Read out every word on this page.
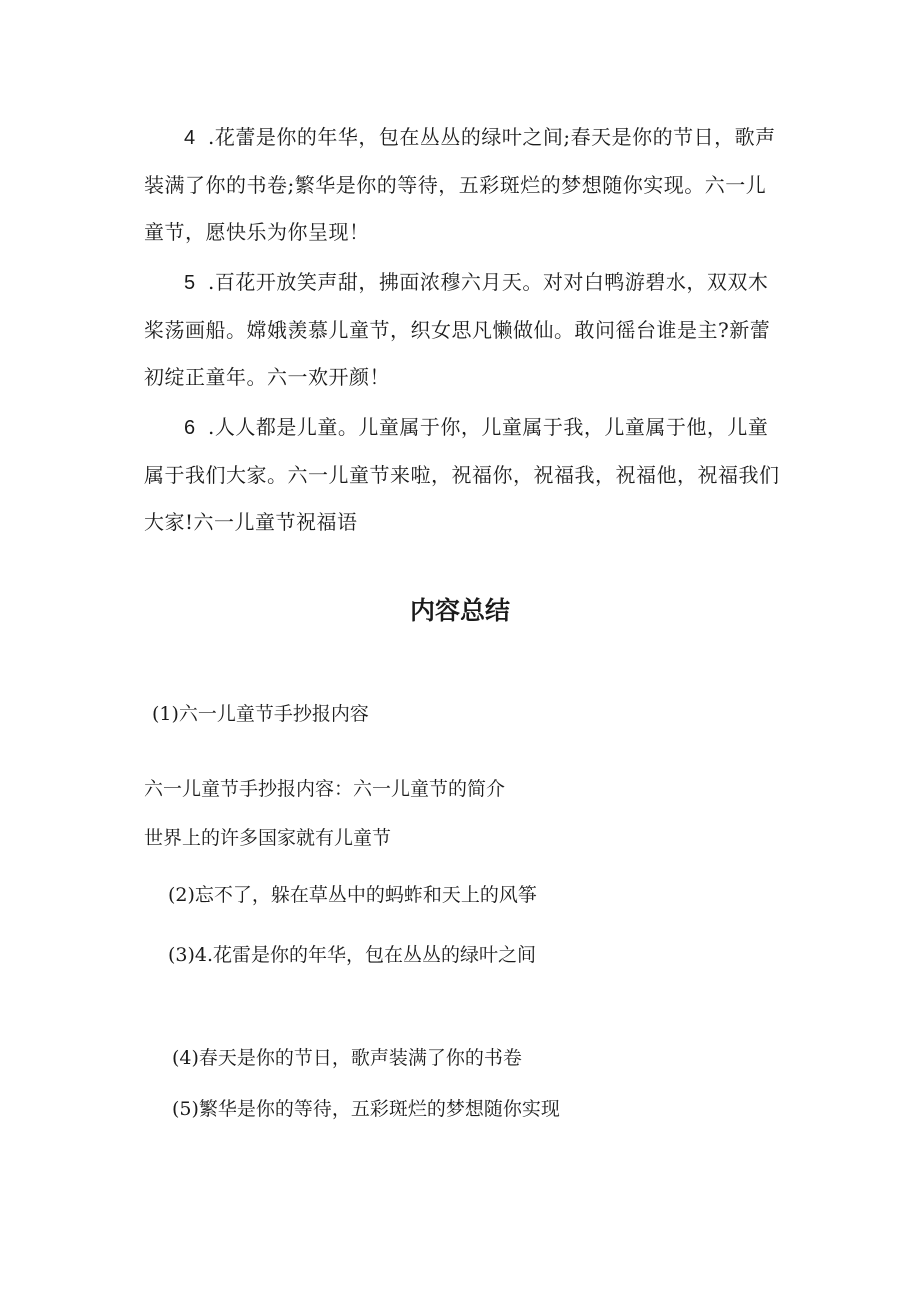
4 .花蕾是你的年华，包在丛丛的绿叶之间;春天是你的节日，歌声装满了你的书卷;繁华是你的等待，五彩斑烂的梦想随你实现。六一儿童节，愿快乐为你呈现！

5 .百花开放笑声甜，拂面浓穆六月天。对对白鸭游碧水，双双木桨荡画船。嫦娥羡慕儿童节，织女思凡懒做仙。敢问徭台谁是主?新蕾初绽正童年。六一欢开颜！

6 .人人都是儿童。儿童属于你，儿童属于我，儿童属于他，儿童属于我们大家。六一儿童节来啦，祝福你，祝福我，祝福他，祝福我们大家!六一儿童节祝福语

内容总结

(1)六一儿童节手抄报内容

六一儿童节手抄报内容：六一儿童节的简介

世界上的许多国家就有儿童节

(2)忘不了，躲在草丛中的蚂蚱和天上的风筝

(3)4.花雷是你的年华，包在丛丛的绿叶之间

(4)春天是你的节日，歌声装满了你的书卷

(5)繁华是你的等待，五彩斑烂的梦想随你实现
